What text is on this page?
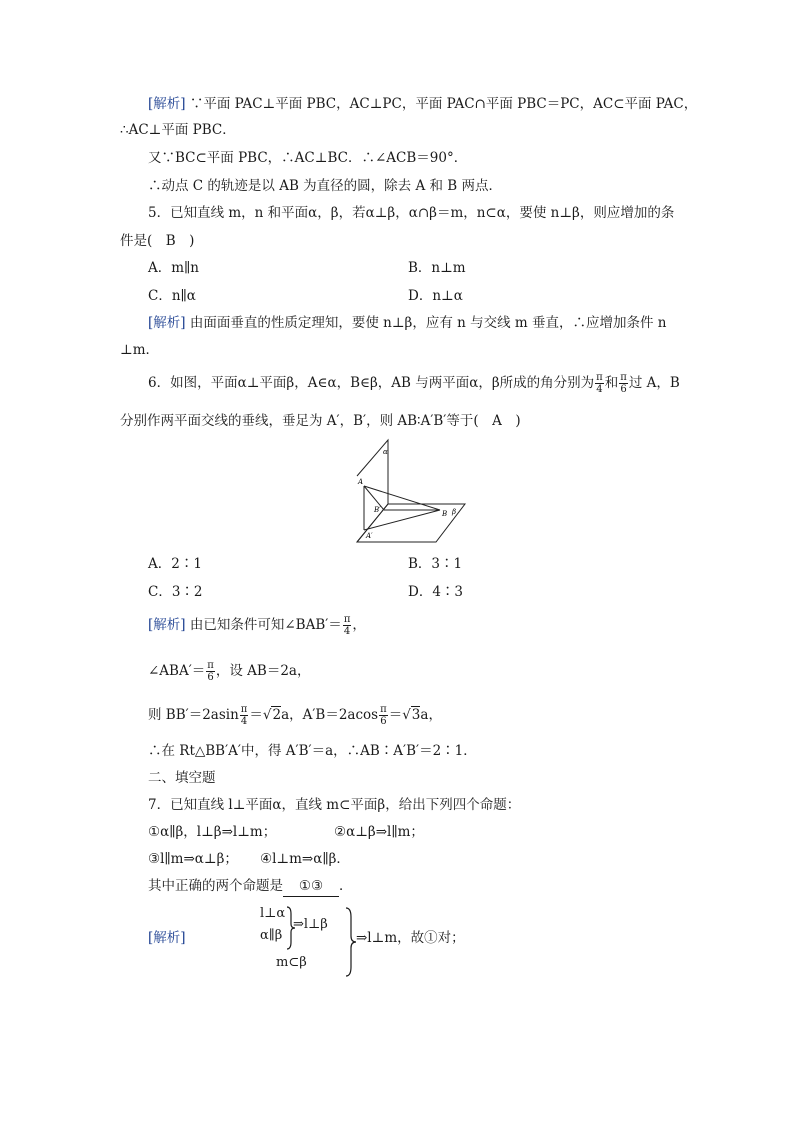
[解析] ∵平面 PAC⊥平面 PBC，AC⊥PC，平面 PAC∩平面 PBC＝PC，AC⊂平面 PAC，
∴AC⊥平面 PBC．
又∵BC⊂平面 PBC，∴AC⊥BC．∴∠ACB＝90°．
∴动点 C 的轨迹是以 AB 为直径的圆，除去 A 和 B 两点．
5．已知直线 m，n 和平面α，β，若α⊥β，α∩β＝m，n⊂α，要使 n⊥β，则应增加的条
件是(　B　)
A．m∥n	B．n⊥m
C．n∥α	D．n⊥α
[解析] 由面面垂直的性质定理知，要使 n⊥β，应有 n 与交线 m 垂直，∴应增加条件 n
⊥m．
6．如图，平面α⊥平面β，A∈α，B∈β，AB 与两平面α，β所成的角分别为 $\frac{\pi}{4}$ 和 $\frac{\pi}{6}$ 过 A，B
分别作两平面交线的垂线，垂足为 A′，B′，则 AB∶A′B′等于(　A　)
α
β
A
B
B′
A′
A．2∶1	B．3∶1
C．3∶2	D．4∶3
[解析] 由已知条件可知∠BAB′＝ $\frac{\pi}{4}$ ，
∠ABA′＝ $\frac{\pi}{6}$ ，设 AB＝2a，
则 $BB'=2asin \frac{\pi}{4} =√2a$，$A'B=2acos \frac{\pi}{6} =√3a$，
∴在 Rt△BB′A′中，得 A′B′＝a，∴AB∶A′B′＝2∶1．
二、填空题
7．已知直线 l⊥平面α，直线 m⊂平面β，给出下列四个命题：
①α∥β，l⊥β⇒l⊥m；	②α⊥β⇒l∥m；
③l∥m⇒α⊥β； ④l⊥m⇒α∥β．
其中正确的两个命题是 ①③ ．
[解析]
l⊥α
α∥β
⇒l⊥β
m⊂β
⇒l⊥m，故①对；
